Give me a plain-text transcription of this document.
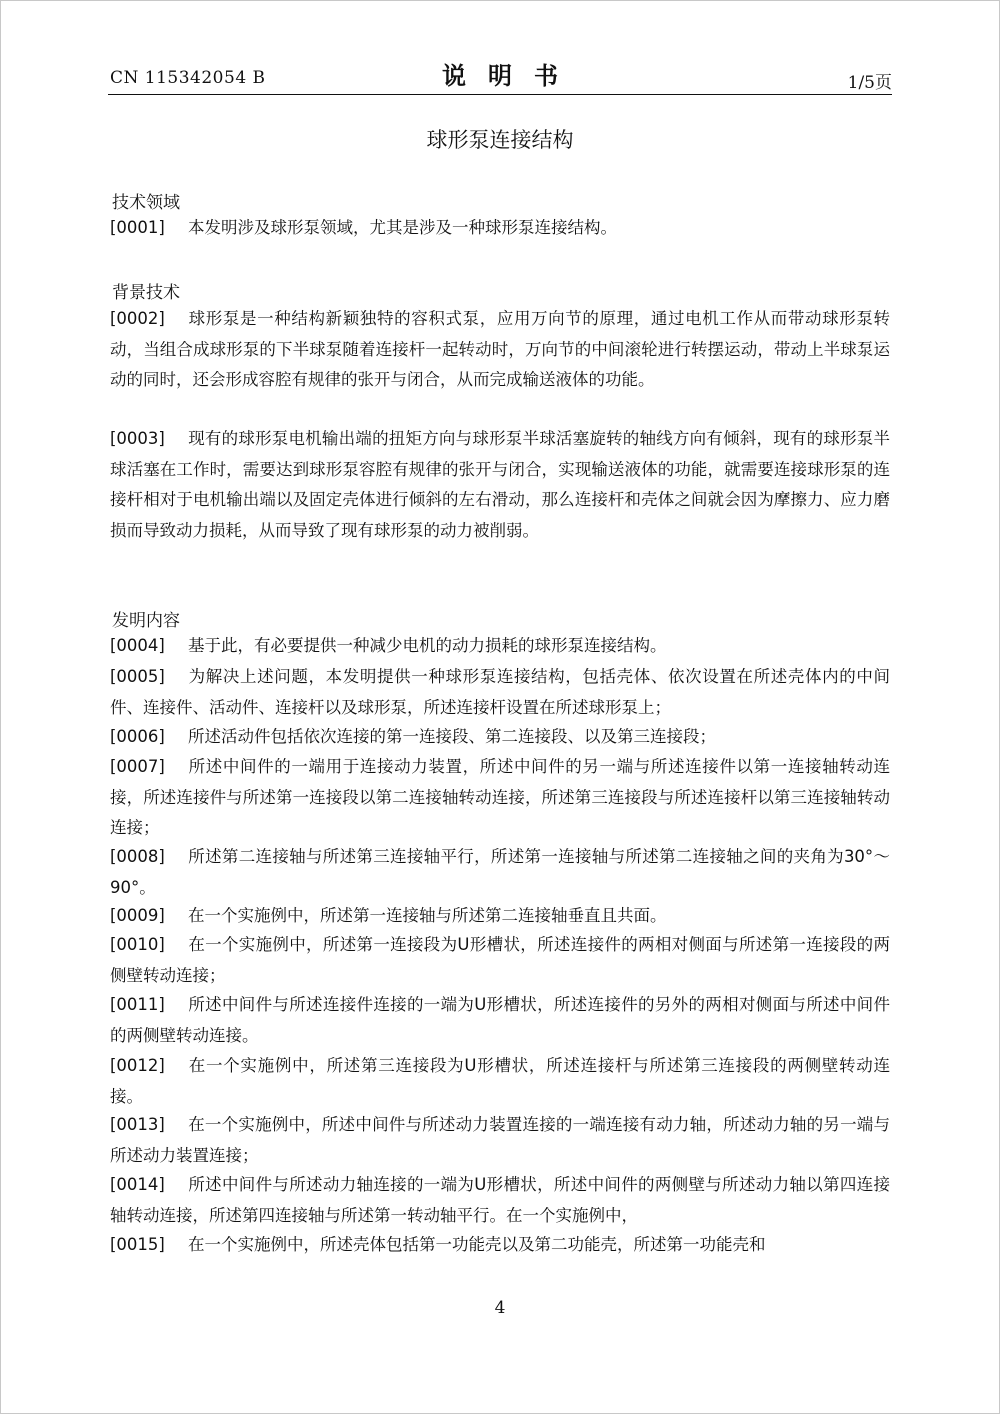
CN 115342054 B	说明书	1/5页
球形泵连接结构
技术领域
[0001] 本发明涉及球形泵领域，尤其是涉及一种球形泵连接结构。
背景技术
[0002] 球形泵是一种结构新颖独特的容积式泵，应用万向节的原理，通过电机工作从而带动球形泵转动，当组合成球形泵的下半球泵随着连接杆一起转动时，万向节的中间滚轮进行转摆运动，带动上半球泵运动的同时，还会形成容腔有规律的张开与闭合，从而完成输送液体的功能。
[0003] 现有的球形泵电机输出端的扭矩方向与球形泵半球活塞旋转的轴线方向有倾斜，现有的球形泵半球活塞在工作时，需要达到球形泵容腔有规律的张开与闭合，实现输送液体的功能，就需要连接球形泵的连接杆相对于电机输出端以及固定壳体进行倾斜的左右滑动，那么连接杆和壳体之间就会因为摩擦力、应力磨损而导致动力损耗，从而导致了现有球形泵的动力被削弱。
发明内容
[0004] 基于此，有必要提供一种减少电机的动力损耗的球形泵连接结构。
[0005] 为解决上述问题，本发明提供一种球形泵连接结构，包括壳体、依次设置在所述壳体内的中间件、连接件、活动件、连接杆以及球形泵，所述连接杆设置在所述球形泵上；
[0006] 所述活动件包括依次连接的第一连接段、第二连接段、以及第三连接段；
[0007] 所述中间件的一端用于连接动力装置，所述中间件的另一端与所述连接件以第一连接轴转动连接，所述连接件与所述第一连接段以第二连接轴转动连接，所述第三连接段与所述连接杆以第三连接轴转动连接；
[0008] 所述第二连接轴与所述第三连接轴平行，所述第一连接轴与所述第二连接轴之间的夹角为30°～90°。
[0009] 在一个实施例中，所述第一连接轴与所述第二连接轴垂直且共面。
[0010] 在一个实施例中，所述第一连接段为U形槽状，所述连接件的两相对侧面与所述第一连接段的两侧壁转动连接；
[0011] 所述中间件与所述连接件连接的一端为U形槽状，所述连接件的另外的两相对侧面与所述中间件的两侧壁转动连接。
[0012] 在一个实施例中，所述第三连接段为U形槽状，所述连接杆与所述第三连接段的两侧壁转动连接。
[0013] 在一个实施例中，所述中间件与所述动力装置连接的一端连接有动力轴，所述动力轴的另一端与所述动力装置连接；
[0014] 所述中间件与所述动力轴连接的一端为U形槽状，所述中间件的两侧壁与所述动力轴以第四连接轴转动连接，所述第四连接轴与所述第一转动轴平行。在一个实施例中，
[0015] 在一个实施例中，所述壳体包括第一功能壳以及第二功能壳，所述第一功能壳和
4
